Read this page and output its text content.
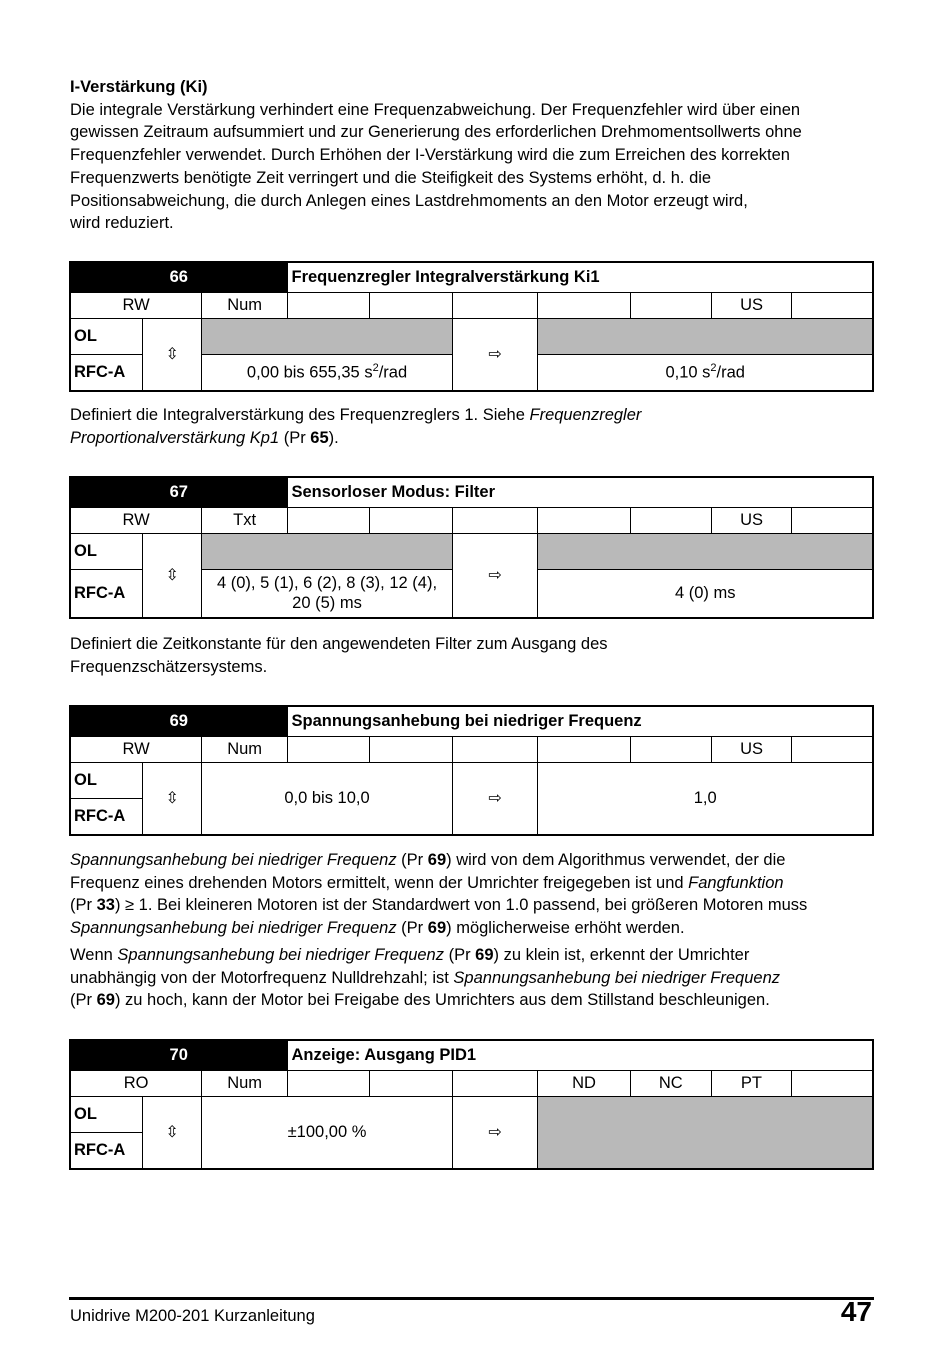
I-Verstärkung (Ki)
Die integrale Verstärkung verhindert eine Frequenzabweichung. Der Frequenzfehler wird über einen
gewissen Zeitraum aufsummiert und zur Generierung des erforderlichen Drehmomentsollwerts ohne
Frequenzfehler verwendet. Durch Erhöhen der I-Verstärkung wird die zum Erreichen des korrekten
Frequenzwerts benötigte Zeit verringert und die Steifigkeit des Systems erhöht, d. h. die
Positionsabweichung, die durch Anlegen eines Lastdrehmoments an den Motor erzeugt wird,
wird reduziert.
66			Frequenzregler Integralverstärkung Ki1						
RW		Num						US	
OL	⇳				⇨				
RFC-A		0,00 bis 655,35 $s^2$/rad				0,10 $s^2$/rad			
Definiert die Integralverstärkung des Frequenzreglers 1. Siehe Frequenzregler
Proportionalverstärkung Kp1 (Pr 65).
67			Sensorloser Modus: Filter						
RW		Txt						US	
OL	⇳				⇨				
RFC-A		4 (0), 5 (1), 6 (2), 8 (3), 12 (4),
20 (5) ms				4 (0) ms			
Definiert die Zeitkonstante für den angewendeten Filter zum Ausgang des
Frequenzschätzersystems.
69			Spannungsanhebung bei niedriger Frequenz						
RW		Num						US	
OL	⇳	0,0 bis 10,0			⇨	1,0			
RFC-A									
Spannungsanhebung bei niedriger Frequenz (Pr 69) wird von dem Algorithmus verwendet, der die
Frequenz eines drehenden Motors ermittelt, wenn der Umrichter freigegeben ist und Fangfunktion
(Pr 33) ≥ 1. Bei kleineren Motoren ist der Standardwert von 1.0 passend, bei größeren Motoren muss
Spannungsanhebung bei niedriger Frequenz (Pr 69) möglicherweise erhöht werden.
Wenn Spannungsanhebung bei niedriger Frequenz (Pr 69) zu klein ist, erkennt der Umrichter
unabhängig von der Motorfrequenz Nulldrehzahl; ist Spannungsanhebung bei niedriger Frequenz
(Pr 69) zu hoch, kann der Motor bei Freigabe des Umrichters aus dem Stillstand beschleunigen.
70			Anzeige: Ausgang PID1						
RO		Num				ND	NC	PT	
OL	⇳	±100,00 %			⇨				
RFC-A									
Unidrive M200-201 Kurzanleitung	47
